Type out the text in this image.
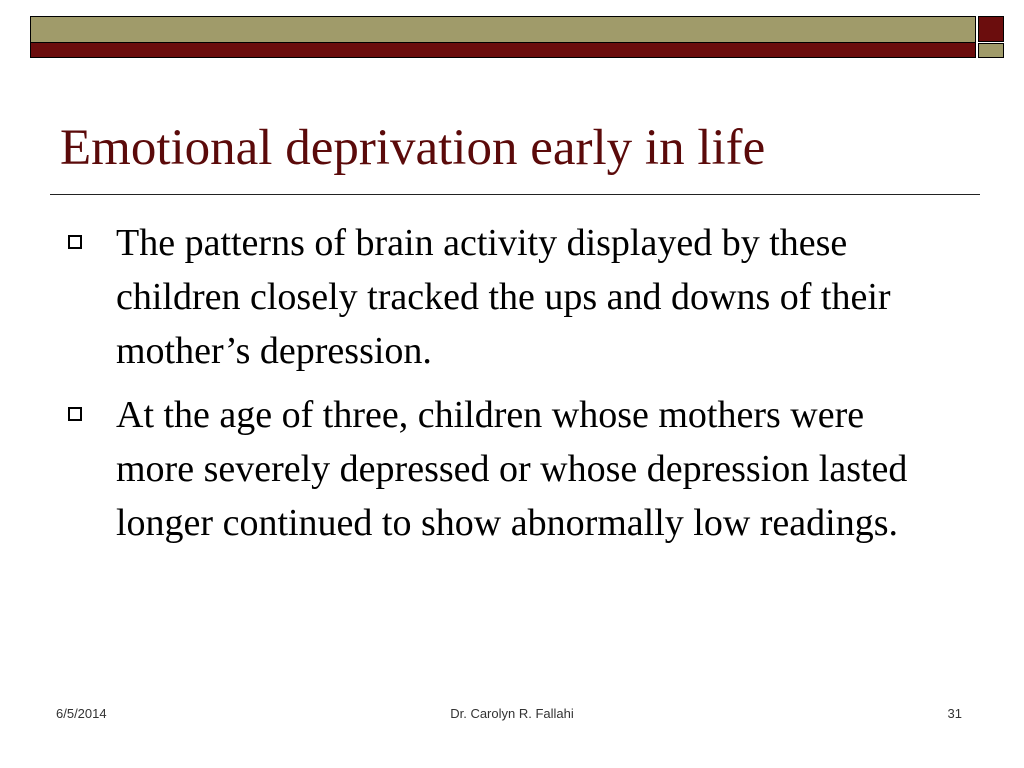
Emotional deprivation early in life
The patterns of brain activity displayed by these children closely tracked the ups and downs of their mother’s depression.
At the age of three, children whose mothers were more severely depressed or whose depression lasted longer continued to show abnormally low readings.
6/5/2014	Dr. Carolyn R. Fallahi	31
